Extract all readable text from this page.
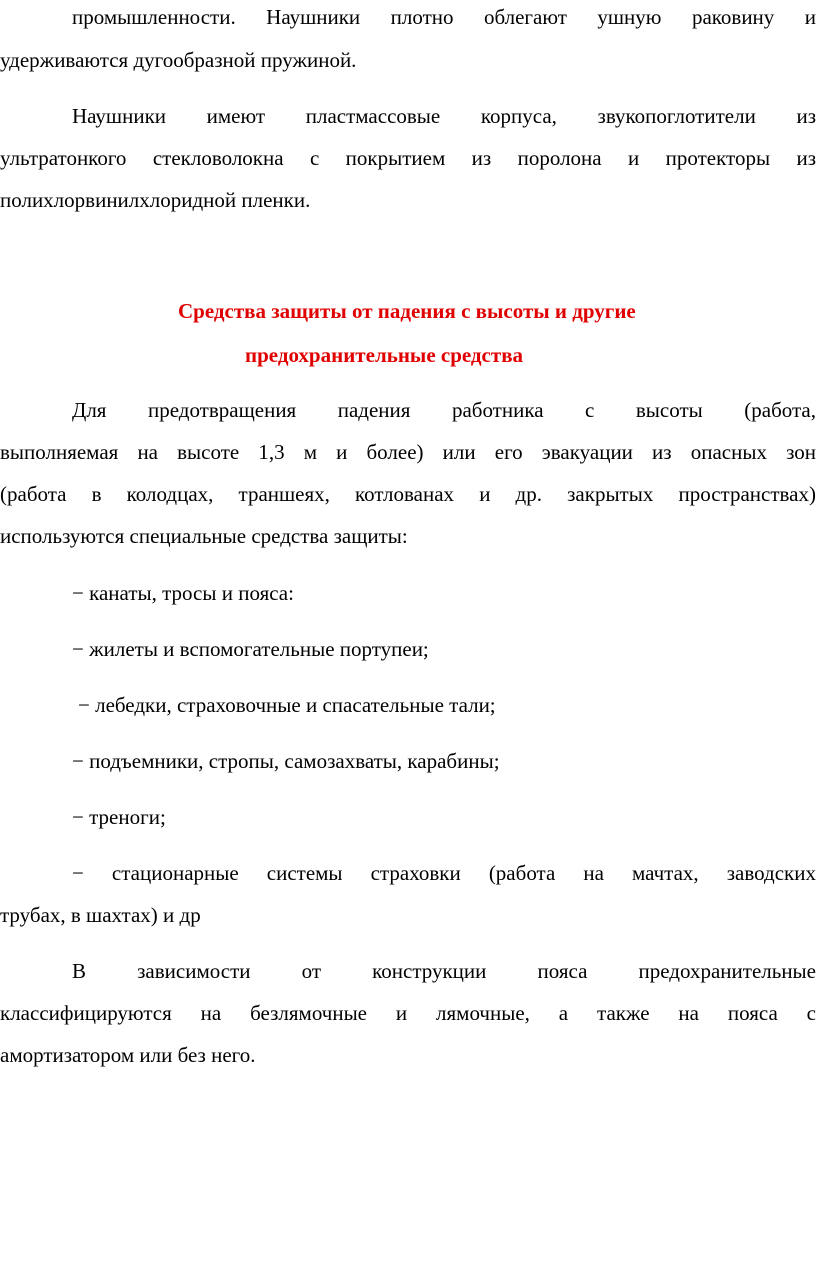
промышленности. Наушники плотно облегают ушную раковину и
удерживаются дугообразной пружиной.
Наушники имеют пластмассовые корпуса, звукопоглотители из
ультратонкого стекловолокна с покрытием из поролона и протекторы из
полихлорвинилхлоридной пленки.
Средства защиты от падения с высоты и другие
предохранительные средства
Для предотвращения падения работника с высоты (работа,
выполняемая на высоте 1,3 м и более) или его эвакуации из опасных зон
(работа в колодцах, траншеях, котлованах и др. закрытых пространствах)
используются специальные средства защиты:
− канаты, тросы и пояса:
− жилеты и вспомогательные портупеи;
− лебедки, страховочные и спасательные тали;
− подъемники, стропы, самозахваты, карабины;
− треноги;
− стационарные системы страховки (работа на мачтах, заводских
трубах, в шахтах) и др
В зависимости от конструкции пояса предохранительные
классифицируются на безлямочные и лямочные, а также на пояса с
амортизатором или без него.
